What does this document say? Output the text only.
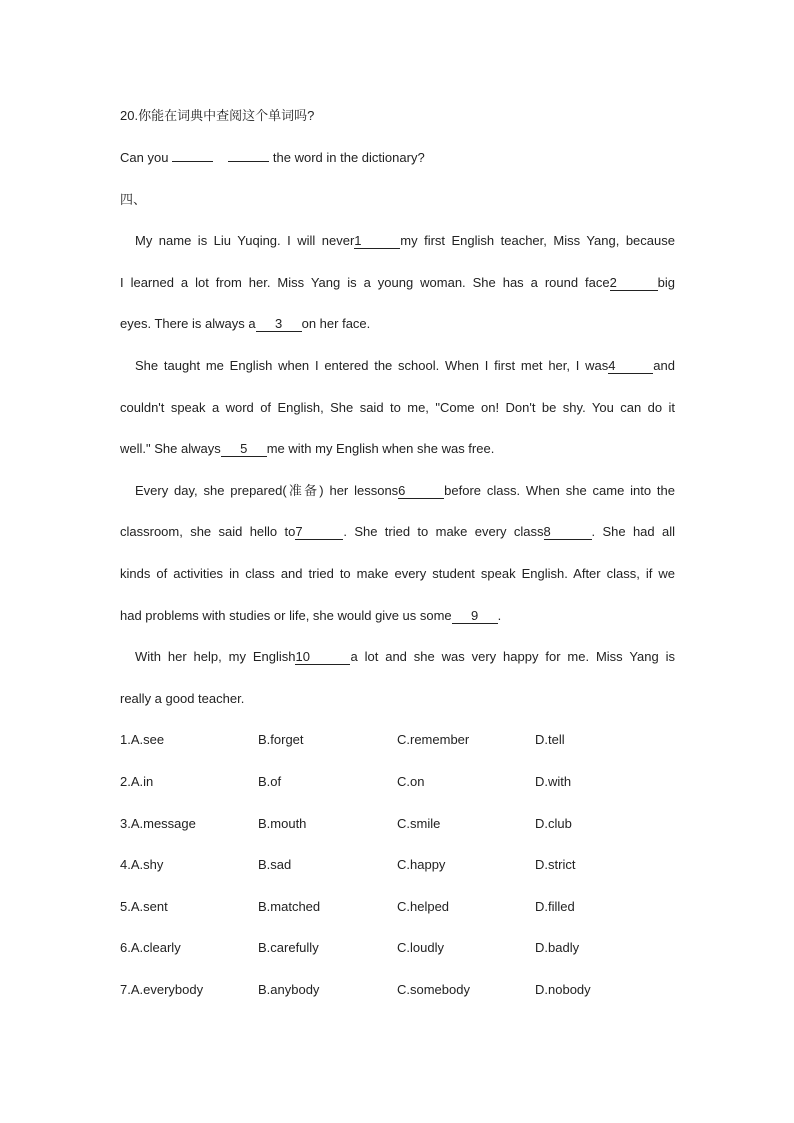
20.你能在词典中查阅这个单词吗?
Can you	the word in the dictionary?
四、
My name is Liu Yuqing. I will never1	my first English teacher, Miss Yang, because
I learned a lot from her. Miss Yang is a young woman. She has a round face2	big
eyes. There is always a 3 on her face.
She taught me English when I entered the school. When I first met her, I was4	and
couldn't speak a word of English, She said to me, "Come on! Don't be shy. You can do it
well." She always 5 me with my English when she was free.
Every day, she prepared(准备) her lessons6	before class. When she came into the
classroom, she said hello to7	. She tried to make every class8	. She had all
kinds of activities in class and tried to make every student speak English. After class, if we
had problems with studies or life, she would give us some 9 .
With her help, my English10	a lot and she was very happy for me. Miss Yang is
really a good teacher.
1.A.see	B.forget	C.remember	D.tell
2.A.in	B.of	C.on	D.with
3.A.message	B.mouth	C.smile	D.club
4.A.shy	B.sad	C.happy	D.strict
5.A.sent	B.matched	C.helped	D.filled
6.A.clearly	B.carefully	C.loudly	D.badly
7.A.everybody	B.anybody	C.somebody	D.nobody
